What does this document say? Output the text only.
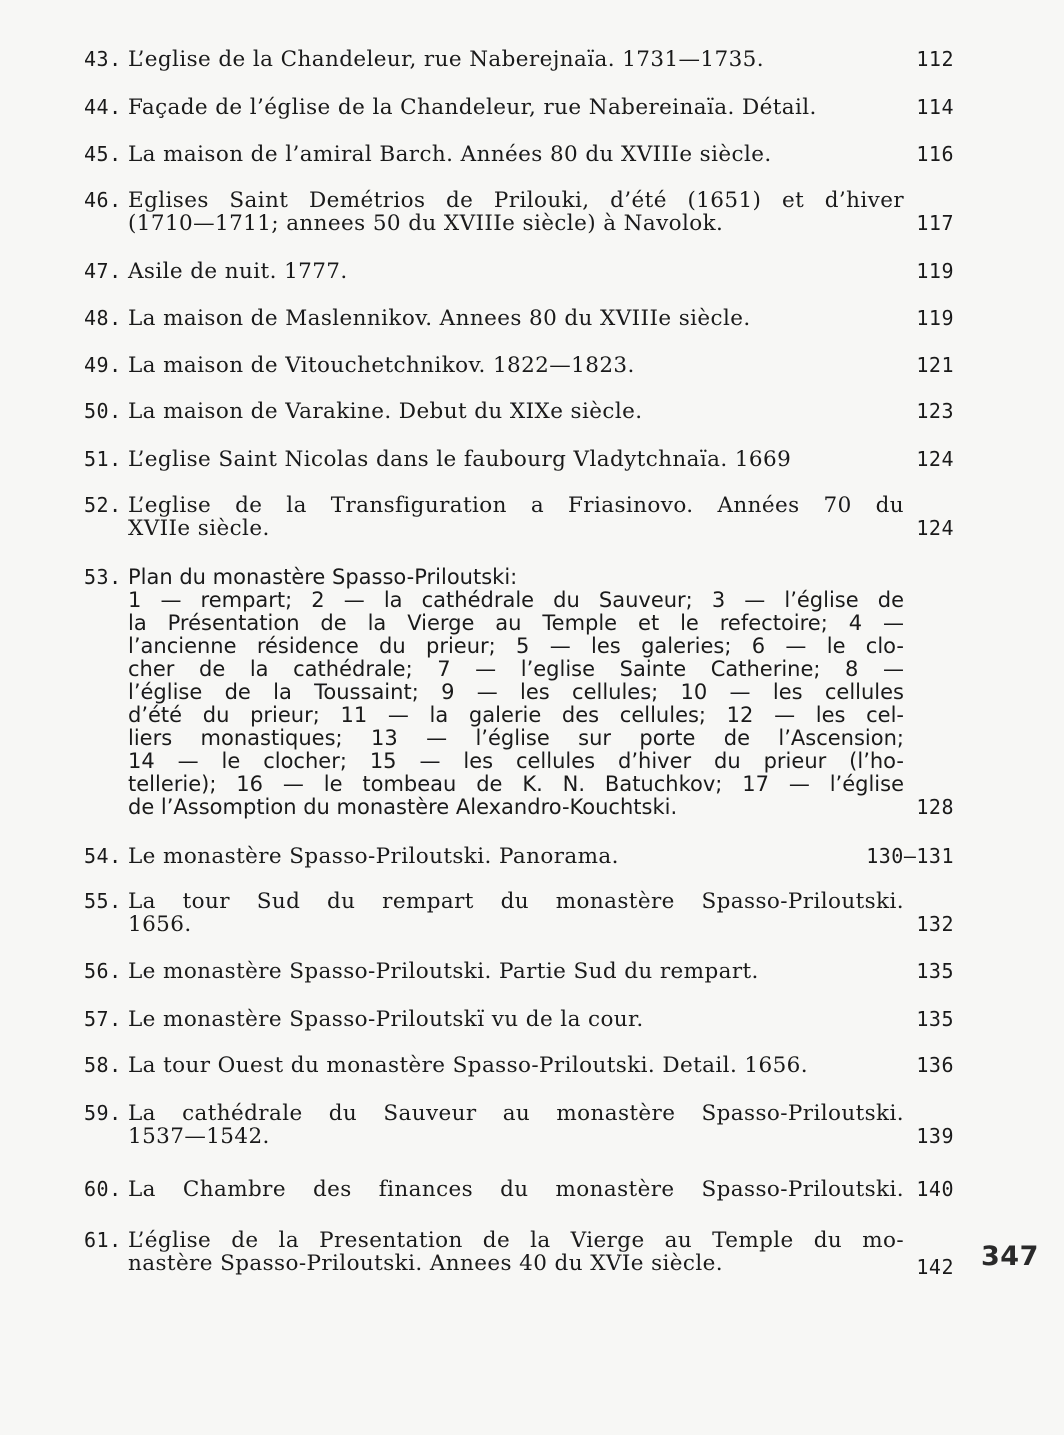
43. L’eglise de la Chandeleur, rue Naberejnaïa. 1731—1735.	112
44. Façade de l’église de la Chandeleur, rue Nabereinaïa. Détail.	114
45. La maison de l’amiral Barch. Années 80 du XVIIIe siècle.	116
46. Eglises Saint Demétrios de Prilouki, d’été (1651) et d’hiver
(1710—1711; annees 50 du XVIIIe siècle) à Navolok.	117
47. Asile de nuit. 1777.	119
48. La maison de Maslennikov. Annees 80 du XVIIIe siècle.	119
49. La maison de Vitouchetchnikov. 1822—1823.	121
50. La maison de Varakine. Debut du XIXe siècle.	123
51. L’eglise Saint Nicolas dans le faubourg Vladytchnaïa. 1669	124
52. L’eglise de la Transfiguration a Friasinovo. Années 70 du
XVIIe siècle.	124
53. Plan du monastère Spasso-Priloutski:
1 — rempart; 2 — la cathédrale du Sauveur; 3 — l’église de
la Présentation de la Vierge au Temple et le refectoire; 4 —
l’ancienne résidence du prieur; 5 — les galeries; 6 — le clo-
cher de la cathédrale; 7 — l’eglise Sainte Catherine; 8 —
l’église de la Toussaint; 9 — les cellules; 10 — les cellules
d’été du prieur; 11 — la galerie des cellules; 12 — les cel-
liers monastiques; 13 — l’église sur porte de l’Ascension;
14 — le clocher; 15 — les cellules d’hiver du prieur (l’ho-
tellerie); 16 — le tombeau de K. N. Batuchkov; 17 — l’église
de l’Assomption du monastère Alexandro-Kouchtski.	128
54. Le monastère Spasso-Priloutski. Panorama.	130—131
55. La tour Sud du rempart du monastère Spasso-Priloutski.
1656.	132
56. Le monastère Spasso-Priloutski. Partie Sud du rempart.	135
57. Le monastère Spasso-Priloutskï vu de la cour.	135
58. La tour Ouest du monastère Spasso-Priloutski. Detail. 1656.	136
59. La cathédrale du Sauveur au monastère Spasso-Priloutski.
1537—1542.	139
60. La Chambre des finances du monastère Spasso-Priloutski. 140
61. L’église de la Presentation de la Vierge au Temple du mo-
nastère Spasso-Priloutski. Annees 40 du XVIe siècle.	142 347
